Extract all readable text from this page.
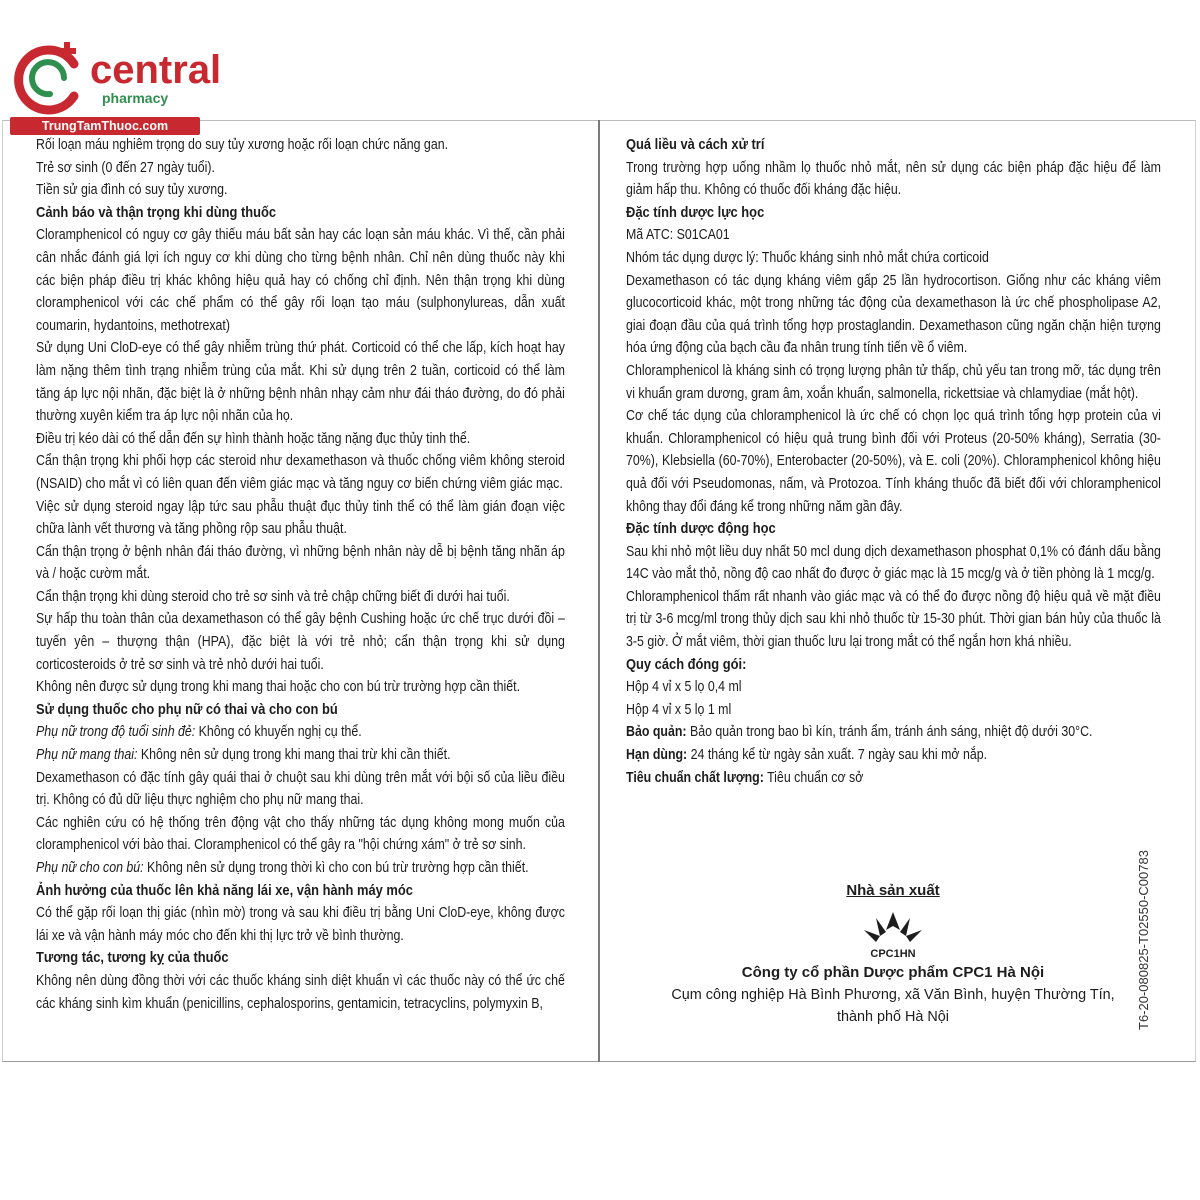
central
pharmacy
TrungTamThuoc.com

Rối loạn máu nghiêm trọng do suy tủy xương hoặc rối loạn chức năng gan.

Trẻ sơ sinh (0 đến 27 ngày tuổi).

Tiền sử gia đình có suy tủy xương.

Cảnh báo và thận trọng khi dùng thuốc

Cloramphenicol có nguy cơ gây thiếu máu bất sản hay các loạn sản máu khác. Vì thế, cần phải cân nhắc đánh giá lợi ích nguy cơ khi dùng cho từng bệnh nhân. Chỉ nên dùng thuốc này khi các biện pháp điều trị khác không hiệu quả hay có chống chỉ định. Nên thận trọng khi dùng cloramphenicol với các chế phẩm có thể gây rối loạn tạo máu (sulphonylureas, dẫn xuất coumarin, hydantoins, methotrexat)

Sử dụng Uni CloD-eye có thể gây nhiễm trùng thứ phát. Corticoid có thể che lấp, kích hoạt hay làm nặng thêm tình trạng nhiễm trùng của mắt. Khi sử dụng trên 2 tuần, corticoid có thể làm tăng áp lực nội nhãn, đặc biệt là ở những bệnh nhân nhạy cảm như đái tháo đường, do đó phải thường xuyên kiểm tra áp lực nội nhãn của họ.

Điều trị kéo dài có thể dẫn đến sự hình thành hoặc tăng nặng đục thủy tinh thể.

Cẩn thận trọng khi phối hợp các steroid như dexamethason và thuốc chống viêm không steroid (NSAID) cho mắt vì có liên quan đến viêm giác mạc và tăng nguy cơ biến chứng viêm giác mạc.

Việc sử dụng steroid ngay lập tức sau phẫu thuật đục thủy tinh thể có thể làm gián đoạn việc chữa lành vết thương và tăng phồng rộp sau phẫu thuật.

Cẩn thận trọng ở bệnh nhân đái tháo đường, vì những bệnh nhân này dễ bị bệnh tăng nhãn áp và / hoặc cườm mắt.

Cẩn thận trọng khi dùng steroid cho trẻ sơ sinh và trẻ chập chững biết đi dưới hai tuổi.

Sự hấp thu toàn thân của dexamethason có thể gây bệnh Cushing hoặc ức chế trục dưới đồi – tuyến yên – thượng thận (HPA), đặc biệt là với trẻ nhỏ; cẩn thận trọng khi sử dụng corticosteroids ở trẻ sơ sinh và trẻ nhỏ dưới hai tuổi.

Không nên được sử dụng trong khi mang thai hoặc cho con bú trừ trường hợp cần thiết.

Sử dụng thuốc cho phụ nữ có thai và cho con bú

Phụ nữ trong độ tuổi sinh đẻ: Không có khuyến nghị cụ thể.

Phụ nữ mang thai: Không nên sử dụng trong khi mang thai trừ khi cần thiết.

Dexamethason có đặc tính gây quái thai ở chuột sau khi dùng trên mắt với bội số của liều điều trị. Không có đủ dữ liệu thực nghiệm cho phụ nữ mang thai.

Các nghiên cứu có hệ thống trên động vật cho thấy những tác dụng không mong muốn của cloramphenicol với bào thai. Cloramphenicol có thể gây ra "hội chứng xám" ở trẻ sơ sinh.

Phụ nữ cho con bú: Không nên sử dụng trong thời kì cho con bú trừ trường hợp cần thiết.

Ảnh hưởng của thuốc lên khả năng lái xe, vận hành máy móc

Có thể gặp rối loạn thị giác (nhìn mờ) trong và sau khi điều trị bằng Uni CloD-eye, không được lái xe và vận hành máy móc cho đến khi thị lực trở về bình thường.

Tương tác, tương kỵ của thuốc

Không nên dùng đồng thời với các thuốc kháng sinh diệt khuẩn vì các thuốc này có thể ức chế các kháng sinh kìm khuẩn (penicillins, cephalosporins, gentamicin, tetracyclins, polymyxin B,

Quá liều và cách xử trí

Trong trường hợp uống nhầm lọ thuốc nhỏ mắt, nên sử dụng các biện pháp đặc hiệu để làm giảm hấp thu. Không có thuốc đối kháng đặc hiệu.

Đặc tính dược lực học

Mã ATC: S01CA01

Nhóm tác dụng dược lý: Thuốc kháng sinh nhỏ mắt chứa corticoid

Dexamethason có tác dụng kháng viêm gấp 25 lần hydrocortison. Giống như các kháng viêm glucocorticoid khác, một trong những tác động của dexamethason là ức chế phospholipase A2, giai đoạn đầu của quá trình tổng hợp prostaglandin. Dexamethason cũng ngăn chặn hiện tượng hóa ứng động của bạch cầu đa nhân trung tính tiến về ổ viêm.

Chloramphenicol là kháng sinh có trọng lượng phân tử thấp, chủ yếu tan trong mỡ, tác dụng trên vi khuẩn gram dương, gram âm, xoắn khuẩn, salmonella, rickettsiae và chlamydiae (mắt hột).

Cơ chế tác dụng của chloramphenicol là ức chế có chọn lọc quá trình tổng hợp protein của vi khuẩn. Chloramphenicol có hiệu quả trung bình đối với Proteus (20-50% kháng), Serratia (30-70%), Klebsiella (60-70%), Enterobacter (20-50%), và E. coli (20%). Chloramphenicol không hiệu quả đối với Pseudomonas, nấm, và Protozoa. Tính kháng thuốc đã biết đối với chloramphenicol không thay đổi đáng kể trong những năm gần đây.

Đặc tính dược động học

Sau khi nhỏ một liều duy nhất 50 mcl dung dịch dexamethason phosphat 0,1% có đánh dấu bằng 14C vào mắt thỏ, nồng độ cao nhất đo được ở giác mạc là 15 mcg/g và ở tiền phòng là 1 mcg/g.

Chloramphenicol thấm rất nhanh vào giác mạc và có thể đo được nồng độ hiệu quả về mặt điều trị từ 3-6 mcg/ml trong thủy dịch sau khi nhỏ thuốc từ 15-30 phút. Thời gian bán hủy của thuốc là 3-5 giờ. Ở mắt viêm, thời gian thuốc lưu lại trong mắt có thể ngắn hơn khá nhiều.

Quy cách đóng gói:

Hộp 4 vỉ x 5 lọ 0,4 ml

Hộp 4 vỉ x 5 lọ 1 ml

Bảo quản: Bảo quản trong bao bì kín, tránh ẩm, tránh ánh sáng, nhiệt độ dưới 30°C.

Hạn dùng: 24 tháng kể từ ngày sản xuất. 7 ngày sau khi mở nắp.

Tiêu chuẩn chất lượng: Tiêu chuẩn cơ sở

Nhà sản xuất
CPC1HN
Công ty cổ phần Dược phẩm CPC1 Hà Nội
Cụm công nghiệp Hà Bình Phương, xã Văn Bình, huyện Thường Tín,
thành phố Hà Nội	T6-20-080825-T02550-C00783
